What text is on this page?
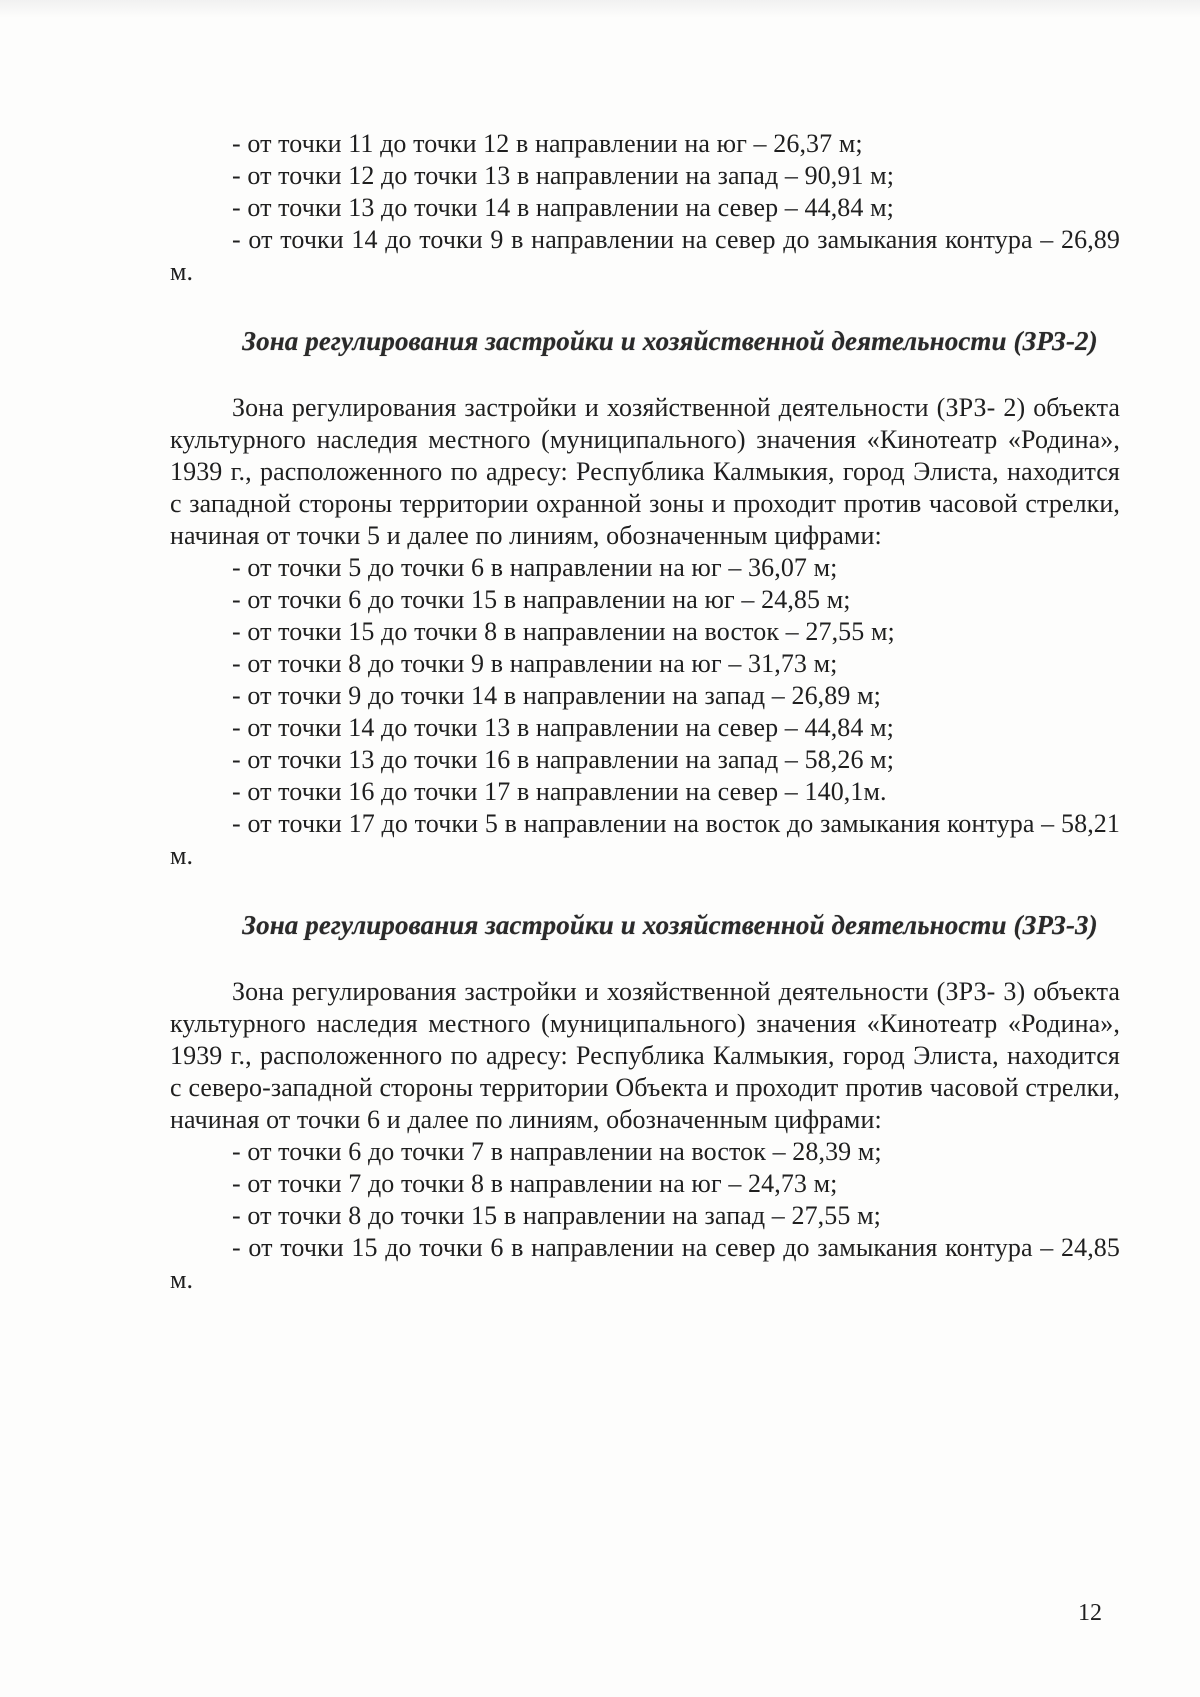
- от точки 11 до точки 12 в направлении на юг – 26,37 м;
- от точки 12 до точки 13 в направлении на запад – 90,91 м;
- от точки 13 до точки 14 в направлении на север – 44,84 м;
- от точки 14 до точки 9 в направлении на север до замыкания контура – 26,89 м.
Зона регулирования застройки и хозяйственной деятельности (ЗРЗ-2)
Зона регулирования застройки и хозяйственной деятельности (ЗРЗ- 2) объекта культурного наследия местного (муниципального) значения «Кинотеатр «Родина», 1939 г., расположенного по адресу: Республика Калмыкия, город Элиста, находится с западной стороны территории охранной зоны и проходит против часовой стрелки, начиная от точки 5 и далее по линиям, обозначенным цифрами:
- от точки 5 до точки 6 в направлении на юг – 36,07 м;
- от точки 6 до точки 15 в направлении на юг – 24,85 м;
- от точки 15 до точки 8 в направлении на восток – 27,55 м;
- от точки 8 до точки 9 в направлении на юг – 31,73 м;
- от точки 9 до точки 14 в направлении на запад – 26,89 м;
- от точки 14 до точки 13 в направлении на север – 44,84 м;
- от точки 13 до точки 16 в направлении на запад – 58,26 м;
- от точки 16 до точки 17 в направлении на север – 140,1м.
- от точки 17 до точки 5 в направлении на восток до замыкания контура – 58,21 м.
Зона регулирования застройки и хозяйственной деятельности (ЗРЗ-3)
Зона регулирования застройки и хозяйственной деятельности (ЗРЗ- 3) объекта культурного наследия местного (муниципального) значения «Кинотеатр «Родина», 1939 г., расположенного по адресу: Республика Калмыкия, город Элиста, находится с северо-западной стороны территории Объекта и проходит против часовой стрелки, начиная от точки 6 и далее по линиям, обозначенным цифрами:
- от точки 6 до точки 7 в направлении на восток – 28,39 м;
- от точки 7 до точки 8 в направлении на юг – 24,73 м;
- от точки 8 до точки 15 в направлении на запад – 27,55 м;
- от точки 15 до точки 6 в направлении на север до замыкания контура – 24,85 м.
12
